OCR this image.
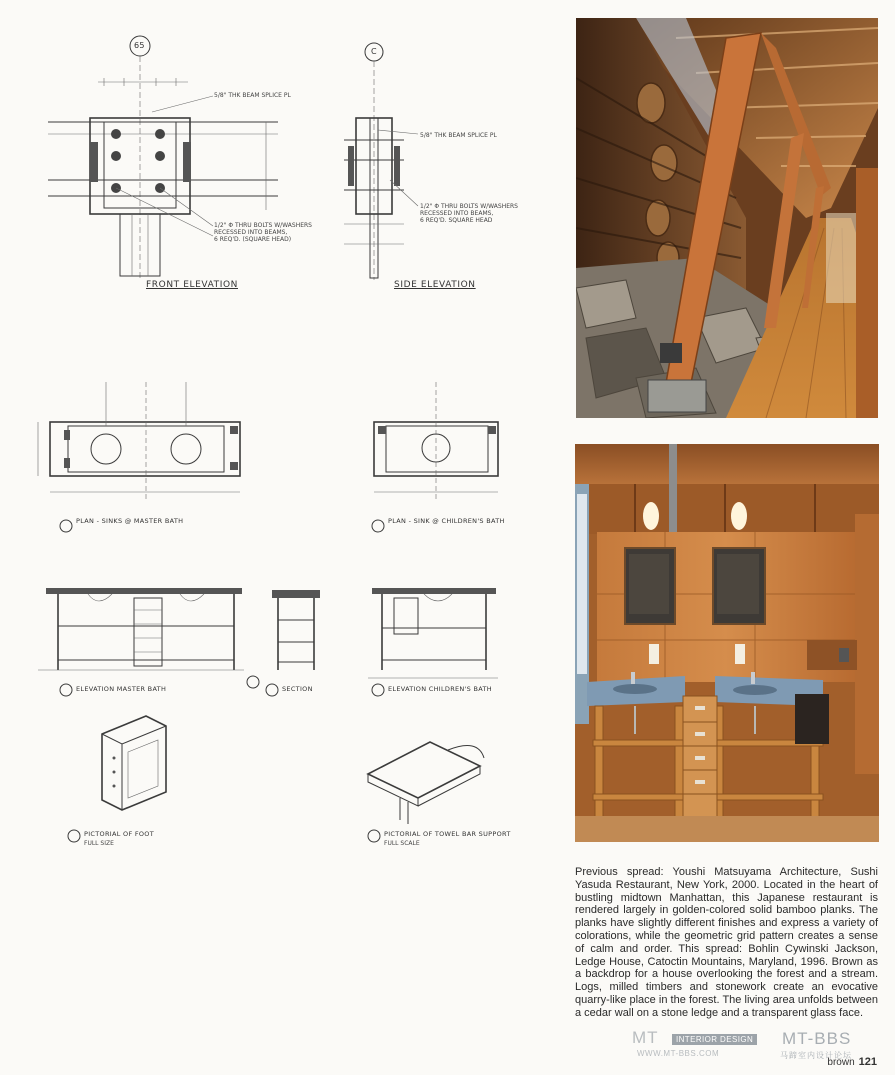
FRONT ELEVATION	SIDE ELEVATION
65
C
5/8" THK BEAM SPLICE PL
1/2" Φ THRU BOLTS W/WASHERS
RECESSED INTO BEAMS,
6 REQ'D. (SQUARE HEAD)
5/8" THK BEAM SPLICE PL
1/2" Φ THRU BOLTS W/WASHERS
RECESSED INTO BEAMS,
6 REQ'D. SQUARE HEAD
PLAN - SINKS @ MASTER BATH	PLAN - SINK @ CHILDREN'S BATH
ELEVATION MASTER BATH	SECTION	ELEVATION CHILDREN'S BATH
PICTORIAL OF FOOT
FULL SIZE
PICTORIAL OF TOWEL BAR SUPPORT
FULL SCALE
Previous spread: Youshi Matsuyama Architecture, Sushi Yasuda Restaurant, New York, 2000. Located in the heart of bustling midtown Manhattan, this Japanese restaurant is rendered largely in golden-colored solid bamboo planks. The planks have slightly different finishes and express a variety of colorations, while the geometric grid pattern creates a sense of calm and order. This spread: Bohlin Cywinski Jackson, Ledge House, Catoctin Mountains, Maryland, 1996. Brown as a backdrop for a house overlooking the forest and a stream. Logs, milled timbers and stonework create an evocative quarry-like place in the forest. The living area unfolds between a cedar wall on a stone ledge and a transparent glass face.
MT	INTERIOR DESIGN MT-BBS
WWW.MT-BBS.COM	马蹄室内设计论坛
brown 121
